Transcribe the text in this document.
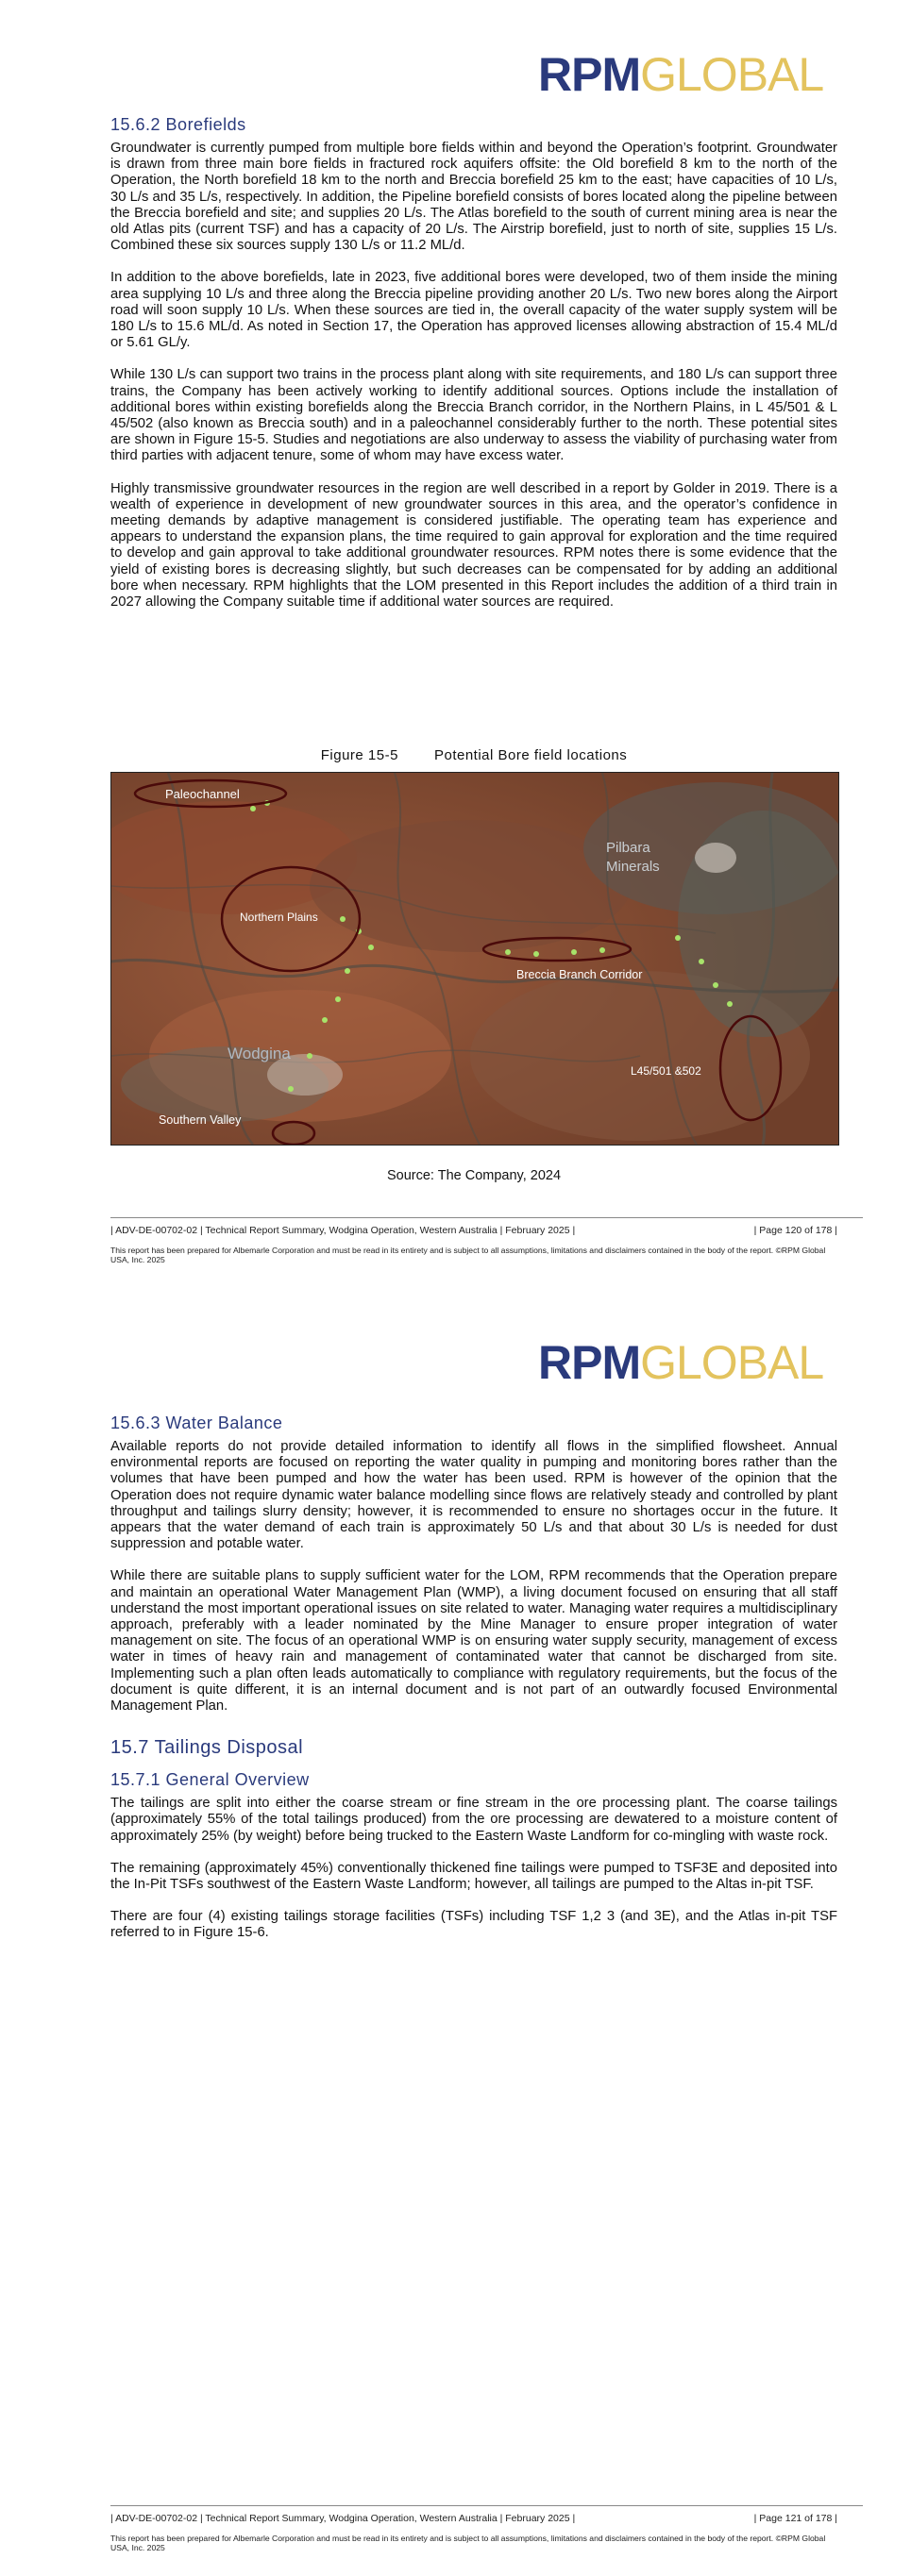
RPMGLOBAL
15.6.2 Borefields

Groundwater is currently pumped from multiple bore fields within and beyond the Operation’s footprint. Groundwater is drawn from three main bore fields in fractured rock aquifers offsite: the Old borefield 8 km to the north of the Operation, the North borefield 18 km to the north and Breccia borefield 25 km to the east; have capacities of 10 L/s, 30 L/s and 35 L/s, respectively. In addition, the Pipeline borefield consists of bores located along the pipeline between the Breccia borefield and site; and supplies 20 L/s. The Atlas borefield to the south of current mining area is near the old Atlas pits (current TSF) and has a capacity of 20 L/s. The Airstrip borefield, just to north of site, supplies 15 L/s. Combined these six sources supply 130 L/s or 11.2 ML/d.

In addition to the above borefields, late in 2023, five additional bores were developed, two of them inside the mining area supplying 10 L/s and three along the Breccia pipeline providing another 20 L/s. Two new bores along the Airport road will soon supply 10 L/s. When these sources are tied in, the overall capacity of the water supply system will be 180 L/s to 15.6 ML/d. As noted in Section 17, the Operation has approved licenses allowing abstraction of 15.4 ML/d or 5.61 GL/y.

While 130 L/s can support two trains in the process plant along with site requirements, and 180 L/s can support three trains, the Company has been actively working to identify additional sources. Options include the installation of additional bores within existing borefields along the Breccia Branch corridor, in the Northern Plains, in L 45/501 & L 45/502 (also known as Breccia south) and in a paleochannel considerably further to the north. These potential sites are shown in Figure 15-5. Studies and negotiations are also underway to assess the viability of purchasing water from third parties with adjacent tenure, some of whom may have excess water.

Highly transmissive groundwater resources in the region are well described in a report by Golder in 2019. There is a wealth of experience in development of new groundwater sources in this area, and the operator’s confidence in meeting demands by adaptive management is considered justifiable. The operating team has experience and appears to understand the expansion plans, the time required to gain approval for exploration and the time required to develop and gain approval to take additional groundwater resources. RPM notes there is some evidence that the yield of existing bores is decreasing slightly, but such decreases can be compensated for by adding an additional bore when necessary. RPM highlights that the LOM presented in this Report includes the addition of a third train in 2027 allowing the Company suitable time if additional water sources are required.

Figure 15-5	Potential Bore field locations
Paleochannel
Northern Plains
Pilbara
Minerals
Breccia Branch Corridor
Wodgina
L45/501 &502
Southern Valley
Source: The Company, 2024
| ADV-DE-00702-02 | Technical Report Summary, Wodgina Operation, Western Australia | February 2025 |	| Page 120 of 178 |
This report has been prepared for Albemarle Corporation and must be read in its entirety and is subject to all assumptions, limitations and disclaimers contained in the body of the report. ©RPM Global USA, Inc. 2025
RPMGLOBAL
15.6.3 Water Balance

Available reports do not provide detailed information to identify all flows in the simplified flowsheet. Annual environmental reports are focused on reporting the water quality in pumping and monitoring bores rather than the volumes that have been pumped and how the water has been used. RPM is however of the opinion that the Operation does not require dynamic water balance modelling since flows are relatively steady and controlled by plant throughput and tailings slurry density; however, it is recommended to ensure no shortages occur in the future. It appears that the water demand of each train is approximately 50 L/s and that about 30 L/s is needed for dust suppression and potable water.

While there are suitable plans to supply sufficient water for the LOM, RPM recommends that the Operation prepare and maintain an operational Water Management Plan (WMP), a living document focused on ensuring that all staff understand the most important operational issues on site related to water. Managing water requires a multidisciplinary approach, preferably with a leader nominated by the Mine Manager to ensure proper integration of water management on site. The focus of an operational WMP is on ensuring water supply security, management of excess water in times of heavy rain and management of contaminated water that cannot be discharged from site. Implementing such a plan often leads automatically to compliance with regulatory requirements, but the focus of the document is quite different, it is an internal document and is not part of an outwardly focused Environmental Management Plan.

15.7 Tailings Disposal
15.7.1 General Overview

The tailings are split into either the coarse stream or fine stream in the ore processing plant. The coarse tailings (approximately 55% of the total tailings produced) from the ore processing are dewatered to a moisture content of approximately 25% (by weight) before being trucked to the Eastern Waste Landform for co-mingling with waste rock.

The remaining (approximately 45%) conventionally thickened fine tailings were pumped to TSF3E and deposited into the In-Pit TSFs southwest of the Eastern Waste Landform; however, all tailings are pumped to the Altas in-pit TSF.

There are four (4) existing tailings storage facilities (TSFs) including TSF 1,2 3 (and 3E), and the Atlas in-pit TSF referred to in Figure 15-6.

| ADV-DE-00702-02 | Technical Report Summary, Wodgina Operation, Western Australia | February 2025 |	| Page 121 of 178 |
This report has been prepared for Albemarle Corporation and must be read in its entirety and is subject to all assumptions, limitations and disclaimers contained in the body of the report. ©RPM Global USA, Inc. 2025
